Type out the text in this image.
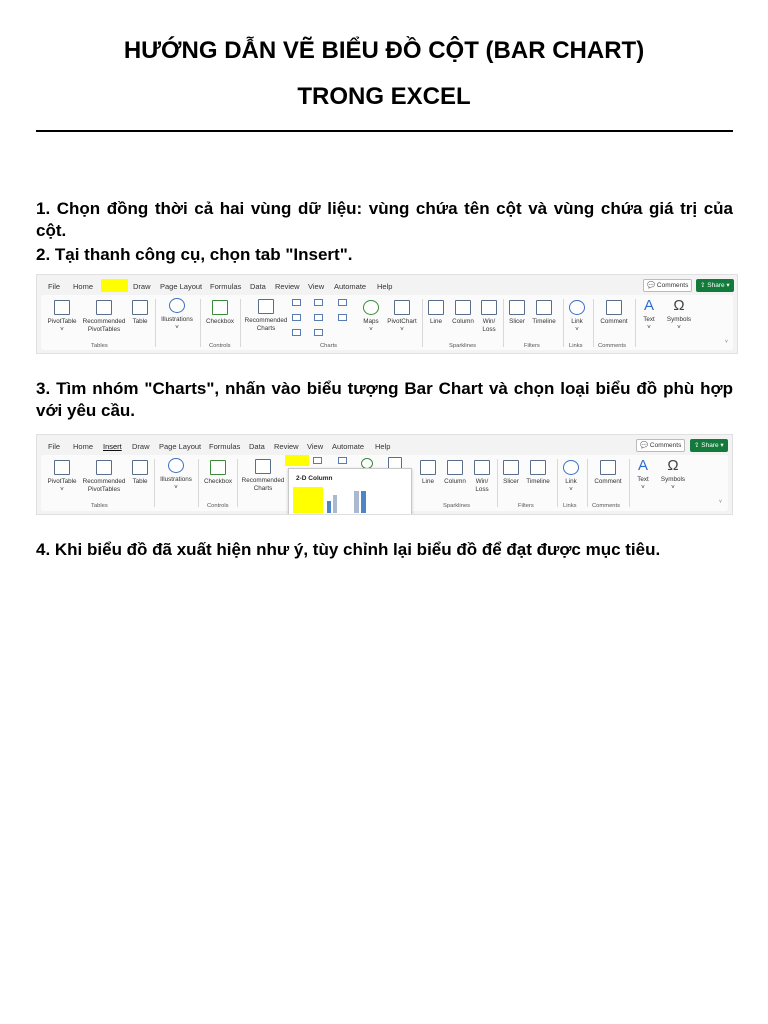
HƯỚNG DẪN VẼ BIỂU ĐỒ CỘT (BAR CHART)
TRONG EXCEL
1. Chọn đồng thời cả hai vùng dữ liệu: vùng chứa tên cột và vùng chứa giá trị của cột.
2. Tại thanh công cụ, chọn tab "Insert".
File Home	Draw Page Layout Formulas Data Review View Automate Help	💬 Comments	⇪ Share ▾
PivotTable
˅
Recommended PivotTables
Table
Tables
Illustrations
˅
Checkbox
Controls
Recommended Charts
Maps
˅
PivotChart
˅
Charts
Line	Column	Win/ Loss
Sparklines
Slicer	Timeline
Filters
Link
˅
Links
Comment
Comments
A
Text
˅
Ω
Symbols
˅
˅
3. Tìm nhóm "Charts", nhấn vào biểu tượng Bar Chart và chọn loại biểu đồ phù hợp với yêu cầu.
File Home Insert Draw Page Layout Formulas Data Review View Automate Help	💬 Comments	⇪ Share ▾
PivotTable
˅
Recommended PivotTables
Table
Tables
Illustrations
˅
Checkbox
Controls
Recommended Charts
2-D Column	Line	Column	Win/ Loss
Sparklines
Slicer	Timeline
Filters
Link
˅
Links
Comment
Comments
A
Text
˅
Ω
Symbols
˅
˅
4. Khi biểu đồ đã xuất hiện như ý, tùy chỉnh lại biểu đồ để đạt được mục tiêu.
